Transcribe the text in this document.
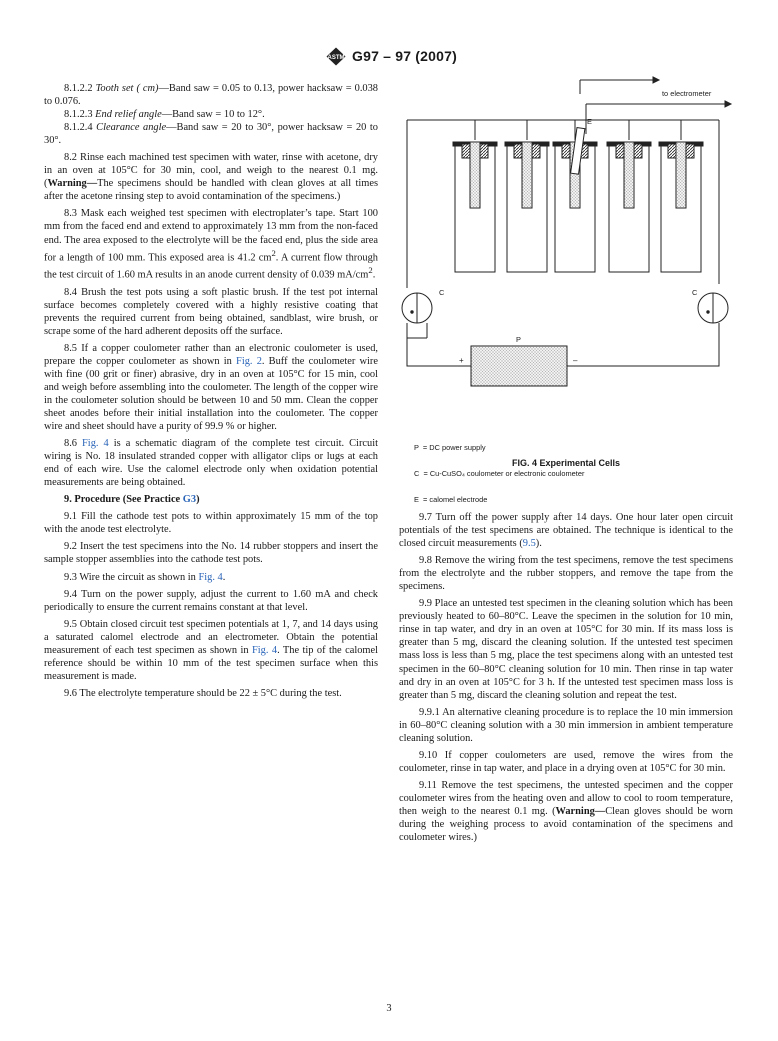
ASTM G97 – 97 (2007)

8.1.2.2 Tooth set ( cm)—Band saw = 0.05 to 0.13, power hacksaw = 0.038 to 0.076.

8.1.2.3 End relief angle—Band saw = 10 to 12°.

8.1.2.4 Clearance angle—Band saw = 20 to 30°, power hacksaw = 20 to 30°.

8.2 Rinse each machined test specimen with water, rinse with acetone, dry in an oven at 105°C for 30 min, cool, and weigh to the nearest 0.1 mg. (Warning—The specimens should be handled with clean gloves at all times after the acetone rinsing step to avoid contamination of the specimens.)

8.3 Mask each weighed test specimen with electroplater’s tape. Start 100 mm from the faced end and extend to approximately 13 mm from the non-faced end. The area exposed to the electrolyte will be the faced end, plus the side area for a length of 100 mm. This exposed area is 41.2 $cm^2$. A current flow through the test circuit of 1.60 mA results in an anode current density of 0.039 $mA/cm^2$.

8.4 Brush the test pots using a soft plastic brush. If the test pot internal surface becomes completely covered with a highly resistive coating that prevents the required current from being obtained, sandblast, wire brush, or scrape some of the hard adherent deposits off the surface.

8.5 If a copper coulometer rather than an electronic coulometer is used, prepare the copper coulometer as shown in Fig. 2. Buff the coulometer wire with fine (00 grit or finer) abrasive, dry in an oven at 105°C for 15 min, cool and weigh before assembling into the coulometer. The length of the copper wire in the coulometer solution should be between 10 and 50 mm. Clean the copper sheet anodes before their initial installation into the coulometer. The copper wire and sheet should have a purity of 99.9 % or higher.

8.6 Fig. 4 is a schematic diagram of the complete test circuit. Circuit wiring is No. 18 insulated stranded copper with alligator clips or lugs at each end of each wire. Use the calomel electrode only when oxidation potential measurements are being obtained.

9. Procedure (See Practice G3)

9.1 Fill the cathode test pots to within approximately 15 mm of the top with the anode test electrolyte.

9.2 Insert the test specimens into the No. 14 rubber stoppers and insert the sample stopper assemblies into the cathode test pots.

9.3 Wire the circuit as shown in Fig. 4.

9.4 Turn on the power supply, adjust the current to 1.60 mA and check periodically to ensure the current remains constant at that level.

9.5 Obtain closed circuit test specimen potentials at 1, 7, and 14 days using a saturated calomel electrode and an electrometer. Obtain the potential measurement of each test specimen as shown in Fig. 4. The tip of the calomel reference should be within 10 mm of the test specimen surface when this measurement is made.

9.6 The electrolyte temperature should be 22 ± 5°C during the test.

to electrometer
E
C	C
P
+	–

P  = DC power supply

C  = Cu-CuSO₄ coulometer or electronic coulometer

E  = calomel electrode

FIG. 4 Experimental Cells

9.7 Turn off the power supply after 14 days. One hour later open circuit potentials of the test specimens are obtained. The technique is identical to the closed circuit measurements (9.5).

9.8 Remove the wiring from the test specimens, remove the test specimens from the electrolyte and the rubber stoppers, and remove the tape from the specimens.

9.9 Place an untested test specimen in the cleaning solution which has been previously heated to 60–80°C. Leave the specimen in the solution for 10 min, rinse in tap water, and dry in an oven at 105°C for 30 min. If its mass loss is greater than 5 mg, discard the cleaning solution. If the untested test specimen mass loss is less than 5 mg, place the test specimens along with an untested test specimen in the 60–80°C cleaning solution for 10 min. Then rinse in tap water and dry in an oven at 105°C for 3 h. If the untested test specimen mass loss is greater than 5 mg, discard the cleaning solution and repeat the test.

9.9.1 An alternative cleaning procedure is to replace the 10 min immersion in 60–80°C cleaning solution with a 30 min immersion in ambient temperature cleaning solution.

9.10 If copper coulometers are used, remove the wires from the coulometer, rinse in tap water, and place in a drying oven at 105°C for 30 min.

9.11 Remove the test specimens, the untested specimen and the copper coulometer wires from the heating oven and allow to cool to room temperature, then weigh to the nearest 0.1 mg. (Warning—Clean gloves should be worn during the weighing process to avoid contamination of the specimens and coulometer wires.)

3
